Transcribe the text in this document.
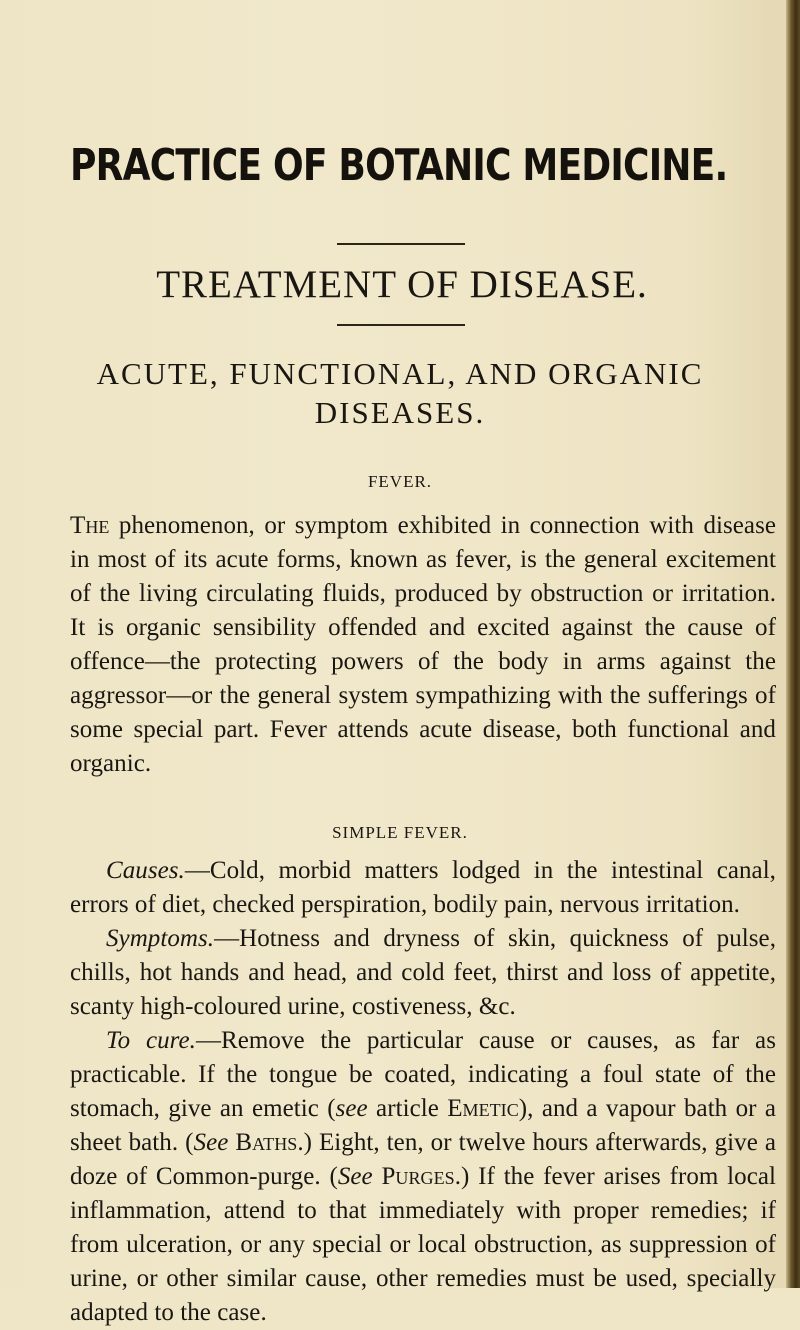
PRACTICE OF BOTANIC MEDICINE.
TREATMENT OF DISEASE.
ACUTE, FUNCTIONAL, AND ORGANIC
DISEASES.
FEVER.

The phenomenon, or symptom exhibited in connection with disease in most of its acute forms, known as fever, is the general excitement of the living circulating fluids, produced by obstruction or irritation. It is organic sensibility offended and excited against the cause of offence—the protecting powers of the body in arms against the aggressor—or the general system sympathizing with the sufferings of some special part. Fever attends acute disease, both functional and organic.

SIMPLE FEVER.

Causes.—Cold, morbid matters lodged in the intestinal canal, errors of diet, checked perspiration, bodily pain, nervous irritation.

Symptoms.—Hotness and dryness of skin, quickness of pulse, chills, hot hands and head, and cold feet, thirst and loss of appetite, scanty high-coloured urine, costiveness, &c.

To cure.—Remove the particular cause or causes, as far as practicable. If the tongue be coated, indicating a foul state of the stomach, give an emetic (see article Emetic), and a vapour bath or a sheet bath. (See Baths.) Eight, ten, or twelve hours afterwards, give a doze of Common-purge. (See Purges.) If the fever arises from local inflammation, attend to that immediately with proper remedies; if from ulceration, or any special or local obstruction, as suppression of urine, or other similar cause, other remedies must be used, specially adapted to the case.
